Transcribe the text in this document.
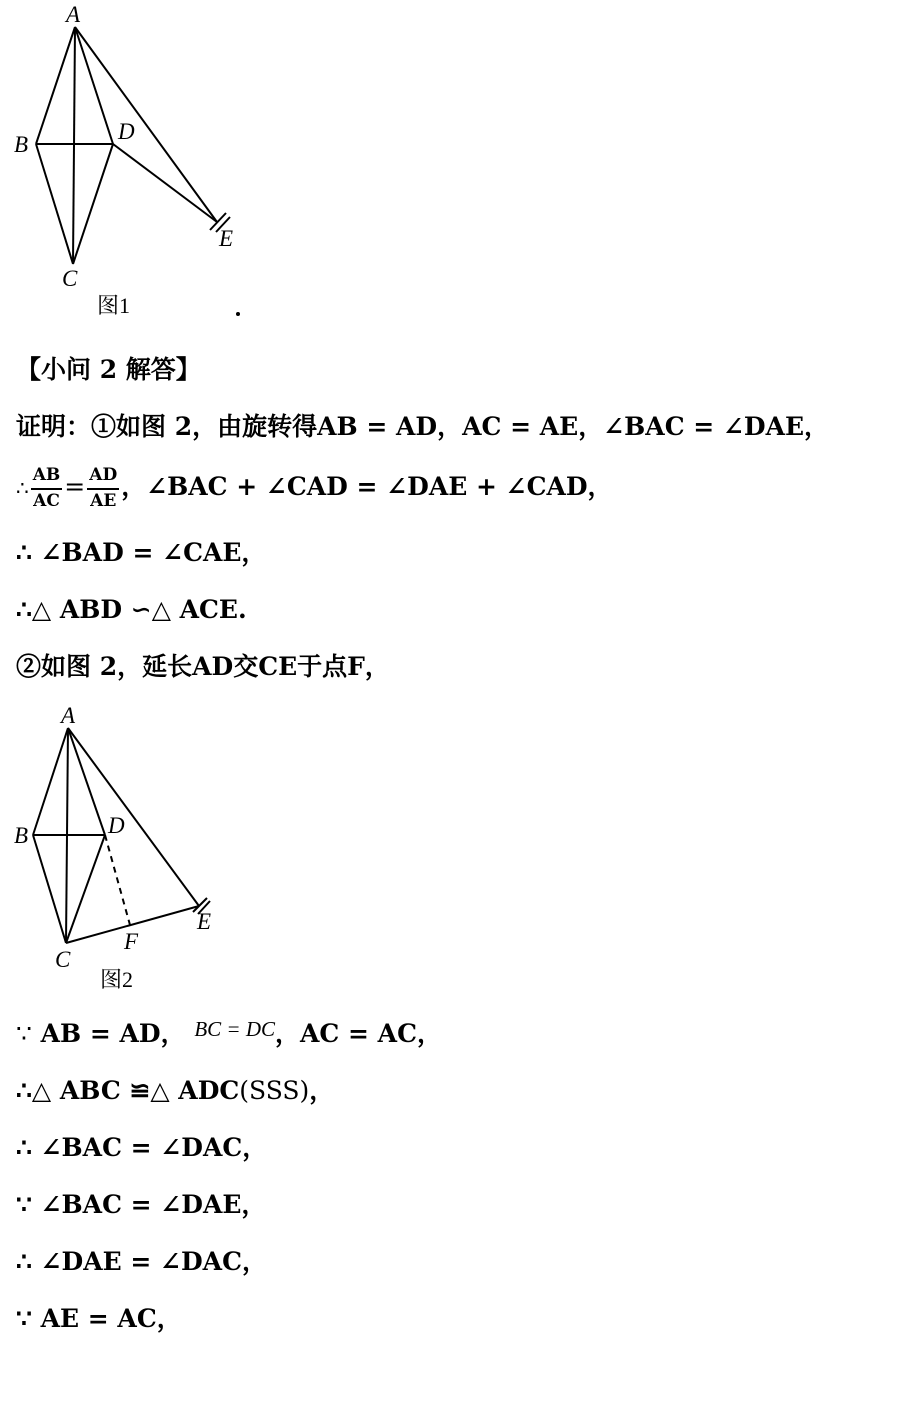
A
B
D
E
C
图1
【小问 2 解答】
证明：①如图 2，由旋转得AB = AD，AC = AE，∠BAC = ∠DAE，
∴ $\frac{AB}{AC} = \frac{AD}{AE}$ ，∠BAC + ∠CAD = ∠DAE + ∠CAD，
∴ ∠BAD = ∠CAE，
∴△ ABD ∽△ ACE.
②如图 2，延长AD交CE于点F，
A
B	D
E
F
C
图2
∵ AB = AD， $^{BC = DC}$，AC = AC，
∴△ ABC ≌△ ADC(SSS)，
∴ ∠BAC = ∠DAC，
∵ ∠BAC = ∠DAE，
∴ ∠DAE = ∠DAC，
∵ AE = AC，
